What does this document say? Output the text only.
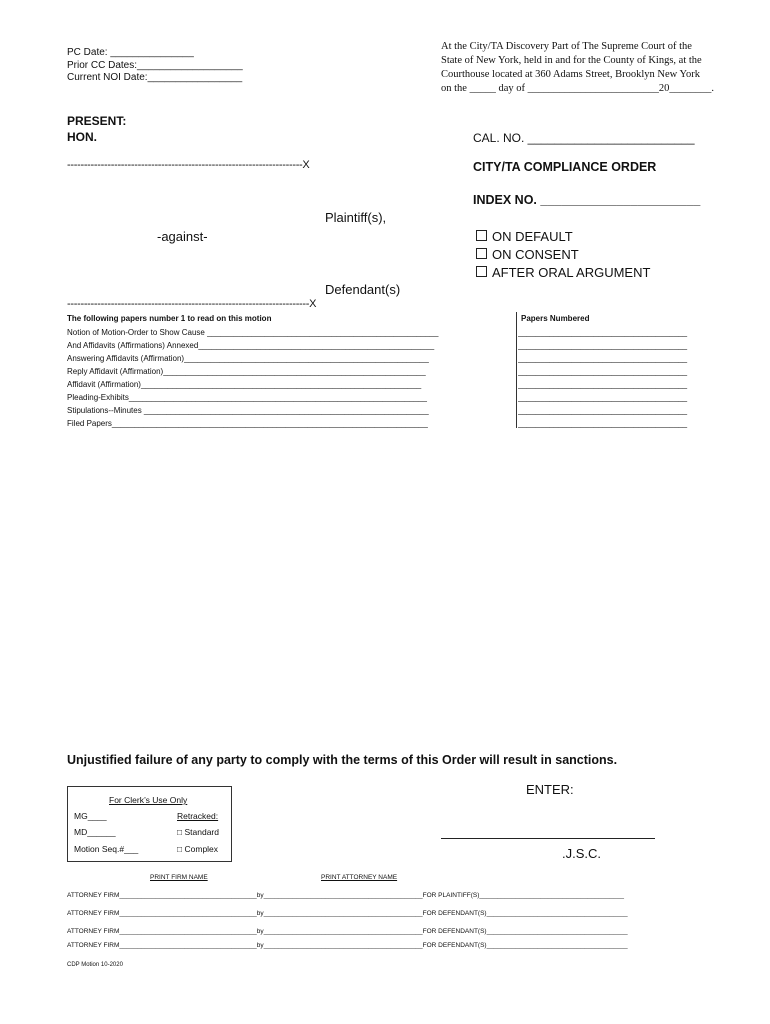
PC Date: _______________
Prior CC Dates:___________________
Current NOI Date:_________________
At the City/TA Discovery Part of The Supreme Court of the
State of New York, held in and for the County of Kings, at the
Courthouse located at 360 Adams Street, Brooklyn New York
on the _____ day of _________________________20________.
PRESENT:
HON.	CAL. NO. _________________________
----------------------------------------------------------------------X	CITY/TA COMPLIANCE ORDER
INDEX NO. _______________________
Plaintiff(s),
-against-	ON DEFAULT
ON CONSENT
AFTER ORAL ARGUMENT
Defendant(s)
------------------------------------------------------------------------X
The following papers number 1 to read on this motion	Papers Numbered
Notion of Motion-Order to Show Cause ____________________________________________________
And Affidavits (Affirmations) Annexed_____________________________________________________
Answering Affidavits (Affirmation)_______________________________________________________
Reply Affidavit (Affirmation)___________________________________________________________
Affidavit (Affirmation)_______________________________________________________________
Pleading-Exhibits___________________________________________________________________
Stipulations--Minutes ________________________________________________________________
Filed Papers_______________________________________________________________________
______________________________________
______________________________________
______________________________________
______________________________________
______________________________________
______________________________________
______________________________________
______________________________________
Unjustified failure of any party to comply with the terms of this Order will result in sanctions.
ENTER:
For Clerk’s Use Only
MG____	Retracked:
MD______	□ Standard
Motion Seq.#___	□ Complex	.J.S.C.
PRINT FIRM NAME	PRINT ATTORNEY NAME
ATTORNEY FIRM______________________________________by____________________________________________FOR PLAINTIFF(S)________________________________________
ATTORNEY FIRM______________________________________by____________________________________________FOR DEFENDANT(S)_______________________________________
ATTORNEY FIRM______________________________________by____________________________________________FOR DEFENDANT(S)_______________________________________
ATTORNEY FIRM______________________________________by____________________________________________FOR DEFENDANT(S)_______________________________________
CDP Motion 10-2020
